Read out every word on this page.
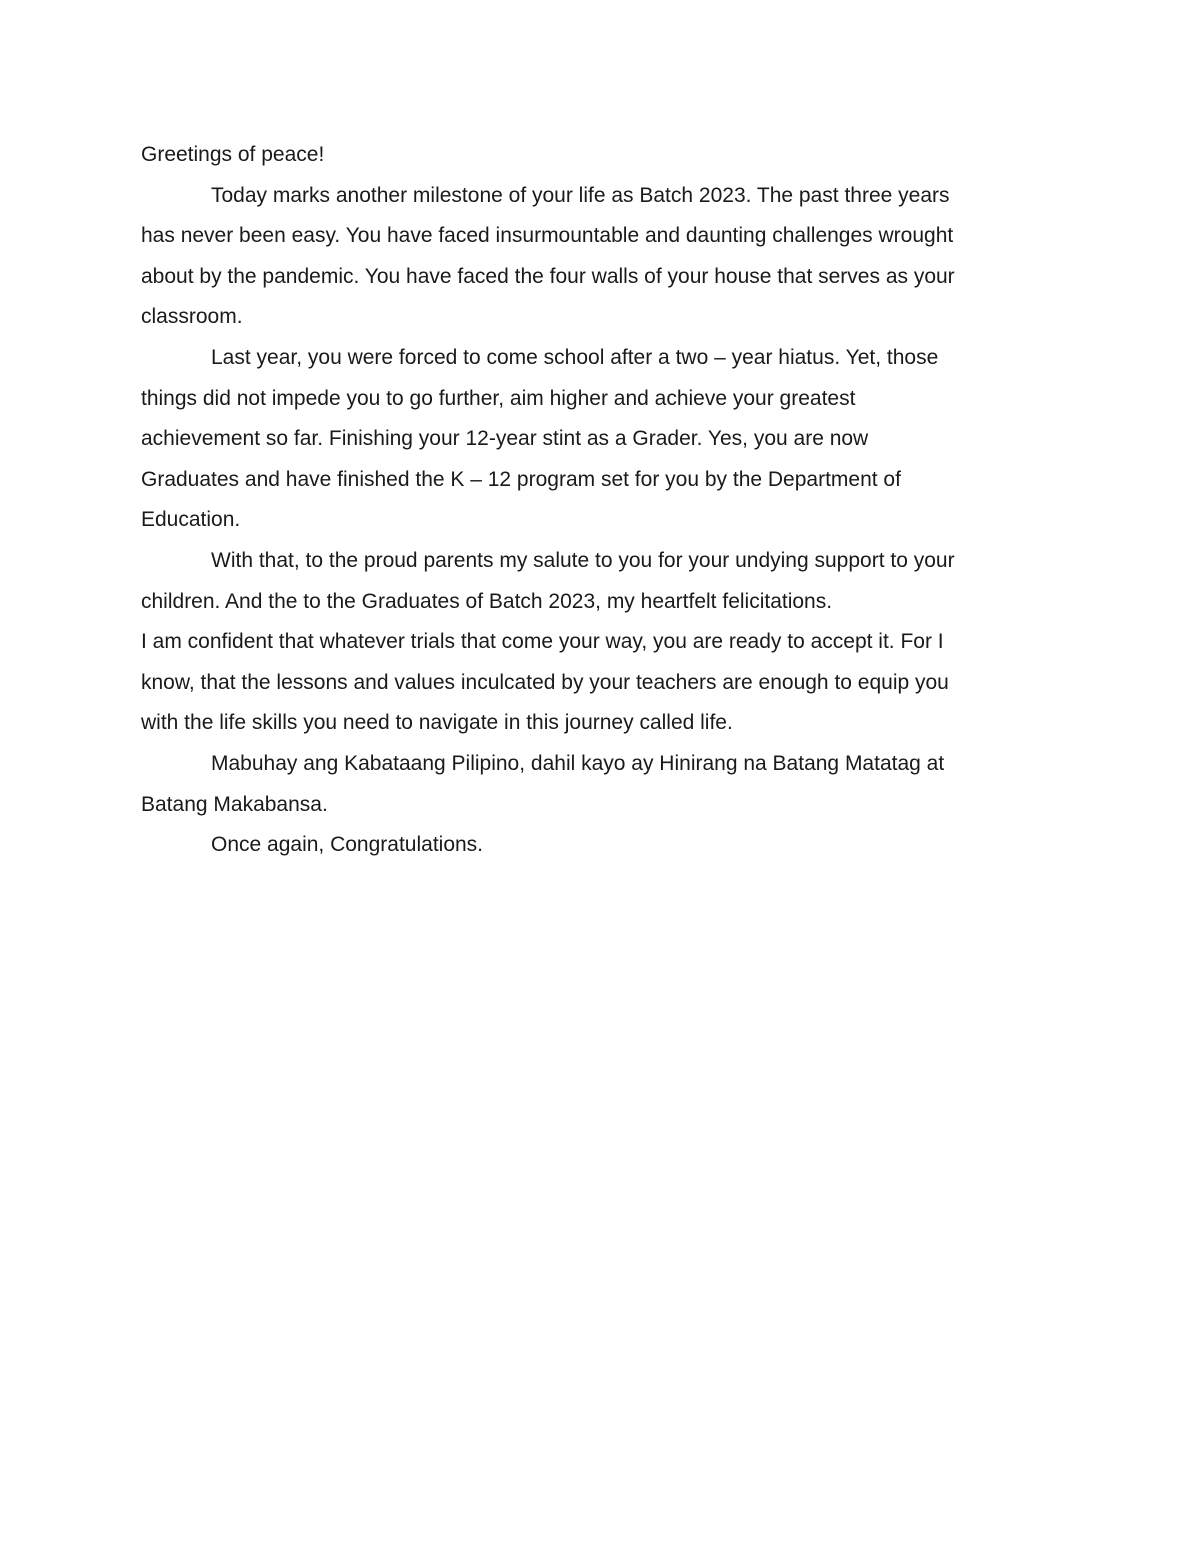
Greetings of peace!
Today marks another milestone of your life as Batch 2023. The past three years
has never been easy. You have faced insurmountable and daunting challenges wrought
about by the pandemic. You have faced the four walls of your house that serves as your
classroom.
Last year, you were forced to come school after a two – year hiatus. Yet, those
things did not impede you to go further, aim higher and achieve your greatest
achievement so far. Finishing your 12-year stint as a Grader. Yes, you are now
Graduates and have finished the K – 12 program set for you by the Department of
Education.
With that, to the proud parents my salute to you for your undying support to your
children. And the to the Graduates of Batch 2023, my heartfelt felicitations.
I am confident that whatever trials that come your way, you are ready to accept it. For I
know, that the lessons and values inculcated by your teachers are enough to equip you
with the life skills you need to navigate in this journey called life.
Mabuhay ang Kabataang Pilipino, dahil kayo ay Hinirang na Batang Matatag at
Batang Makabansa.
Once again, Congratulations.
